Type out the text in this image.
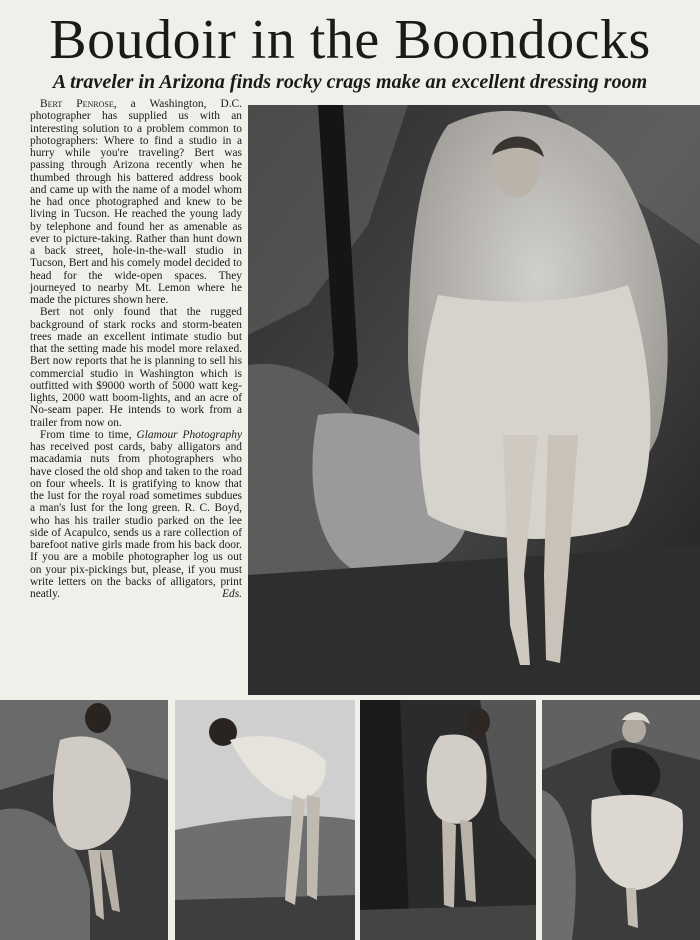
Boudoir in the Boondocks
A traveler in Arizona finds rocky crags make an excellent dressing room

Bert Penrose, a Washington, D.C. photographer has supplied us with an interesting solution to a problem common to photographers: Where to find a studio in a hurry while you're traveling? Bert was passing through Arizona recently when he thumbed through his battered address book and came up with the name of a model whom he had once photographed and knew to be living in Tucson. He reached the young lady by telephone and found her as amenable as ever to picture-taking. Rather than hunt down a back street, hole-in-the-wall studio in Tucson, Bert and his comely model decided to head for the wide-open spaces. They journeyed to nearby Mt. Lemon where he made the pictures shown here.

Bert not only found that the rugged background of stark rocks and storm-beaten trees made an excellent intimate studio but that the setting made his model more relaxed. Bert now reports that he is planning to sell his commercial studio in Washington which is outfitted with $9000 worth of 5000 watt keg-lights, 2000 watt boom-lights, and an acre of No-seam paper. He intends to work from a trailer from now on.

From time to time, Glamour Photography has received post cards, baby alligators and macadamia nuts from photographers who have closed the old shop and taken to the road on four wheels. It is gratifying to know that the lust for the royal road sometimes subdues a man's lust for the long green. R. C. Boyd, who has his trailer studio parked on the lee side of Acapulco, sends us a rare collection of barefoot native girls made from his back door. If you are a mobile photographer log us out on your pix-pickings but, please, if you must write letters on the backs of alligators, print neatly.	Eds.
